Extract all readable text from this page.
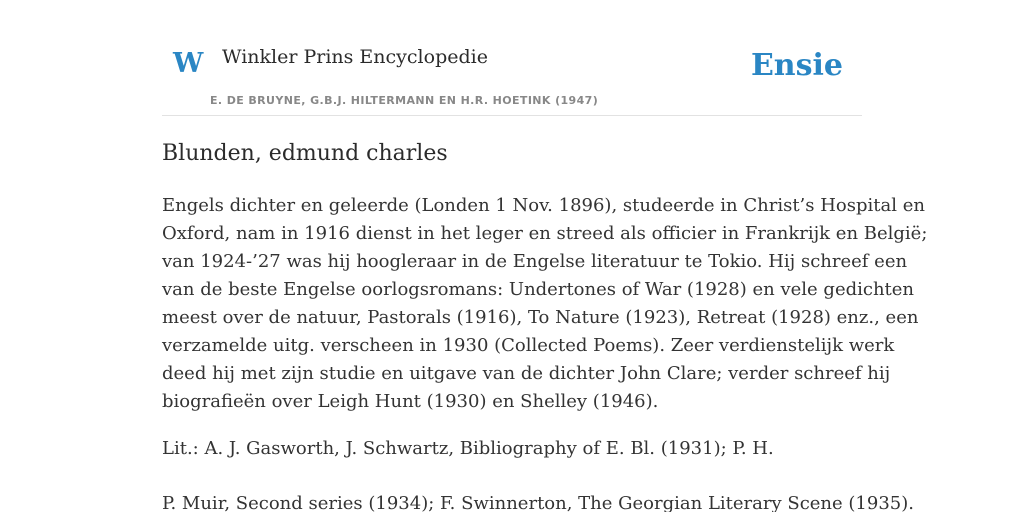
W Winkler Prins Encyclopedie
E. DE BRUYNE, G.B.J. HILTERMANN EN H.R. HOETINK (1947)
Ensie
Blunden, edmund charles

Engels dichter en geleerde (Londen 1 Nov. 1896), studeerde in Christ’s Hospital en
Oxford, nam in 1916 dienst in het leger en streed als officier in Frankrijk en België;
van 1924-’27 was hij hoogleraar in de Engelse literatuur te Tokio. Hij schreef een
van de beste Engelse oorlogsromans: Undertones of War (1928) en vele gedichten
meest over de natuur, Pastorals (1916), To Nature (1923), Retreat (1928) enz., een
verzamelde uitg. verscheen in 1930 (Collected Poems). Zeer verdienstelijk werk
deed hij met zijn studie en uitgave van de dichter John Clare; verder schreef hij
biografieën over Leigh Hunt (1930) en Shelley (1946).

Lit.: A. J. Gasworth, J. Schwartz, Bibliography of E. Bl. (1931); P. H.

P. Muir, Second series (1934); F. Swinnerton, The Georgian Literary Scene (1935).
